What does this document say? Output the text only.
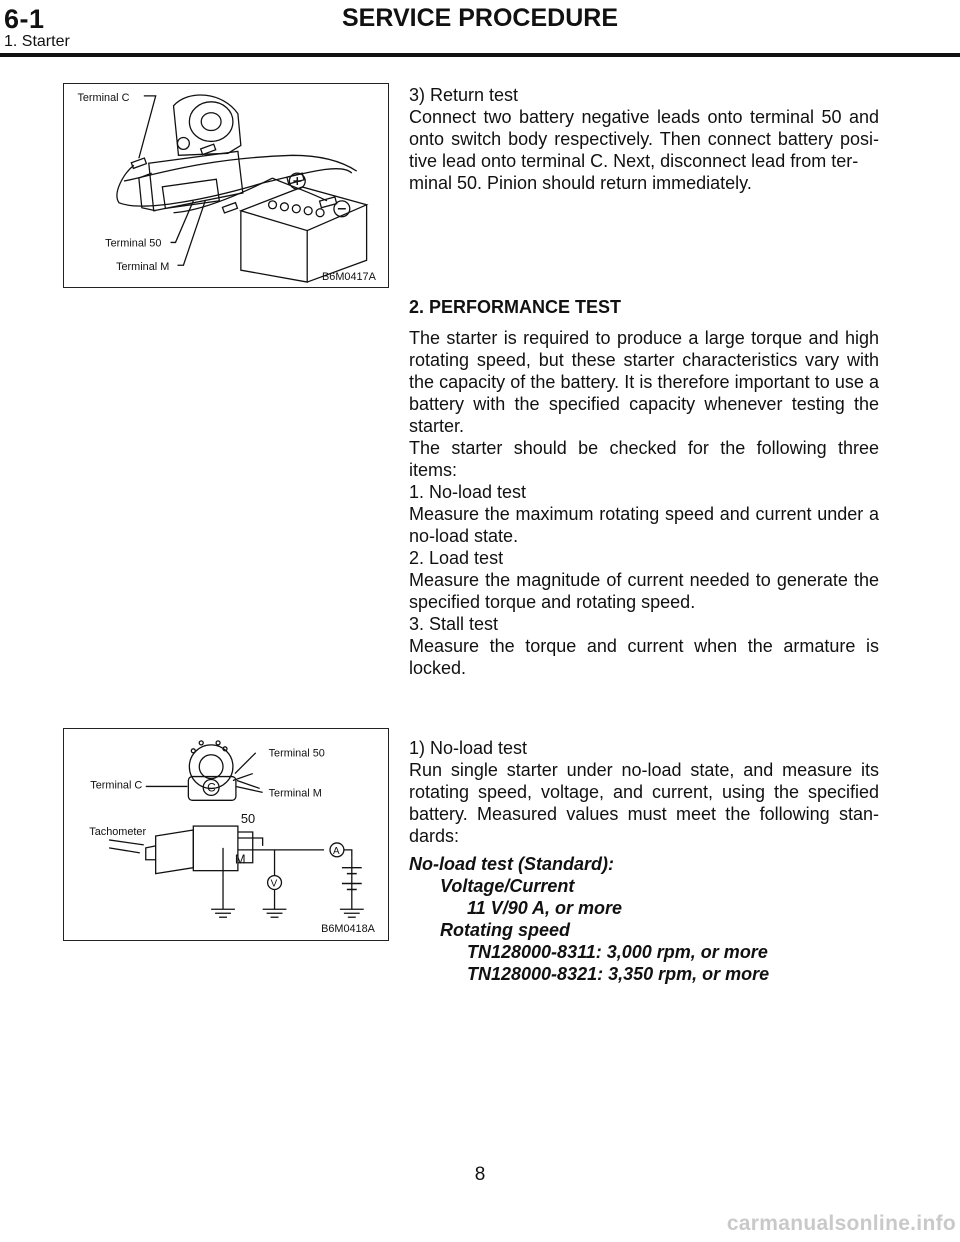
6-1	SERVICE PROCEDURE
1. Starter
Terminal C
Terminal 50
Terminal M
B6M0417A
Terminal 50
Terminal C
Terminal M
Tachometer
50
M
C
A
V
B6M0418A

3) Return test

Connect two battery negative leads onto terminal 50 and onto switch body respectively. Then connect battery posi- tive lead onto terminal C. Next, disconnect lead from ter-

minal 50. Pinion should return immediately.

2. PERFORMANCE TEST

The starter is required to produce a large torque and high rotating speed, but these starter characteristics vary with the capacity of the battery. It is therefore important to use a battery with the specified capacity whenever testing the starter.

The starter should be checked for the following three items:

1. No-load test

Measure the maximum rotating speed and current under a no-load state.

2. Load test

Measure the magnitude of current needed to generate the specified torque and rotating speed.

3. Stall test

Measure the torque and current when the armature is locked.

1) No-load test

Run single starter under no-load state, and measure its rotating speed, voltage, and current, using the specified battery. Measured values must meet the following stan- dards:

No-load test (Standard):

Voltage/Current

11 V/90 A, or more

Rotating speed

TN128000-8311: 3,000 rpm, or more

TN128000-8321: 3,350 rpm, or more

8
carmanualsonline.info
